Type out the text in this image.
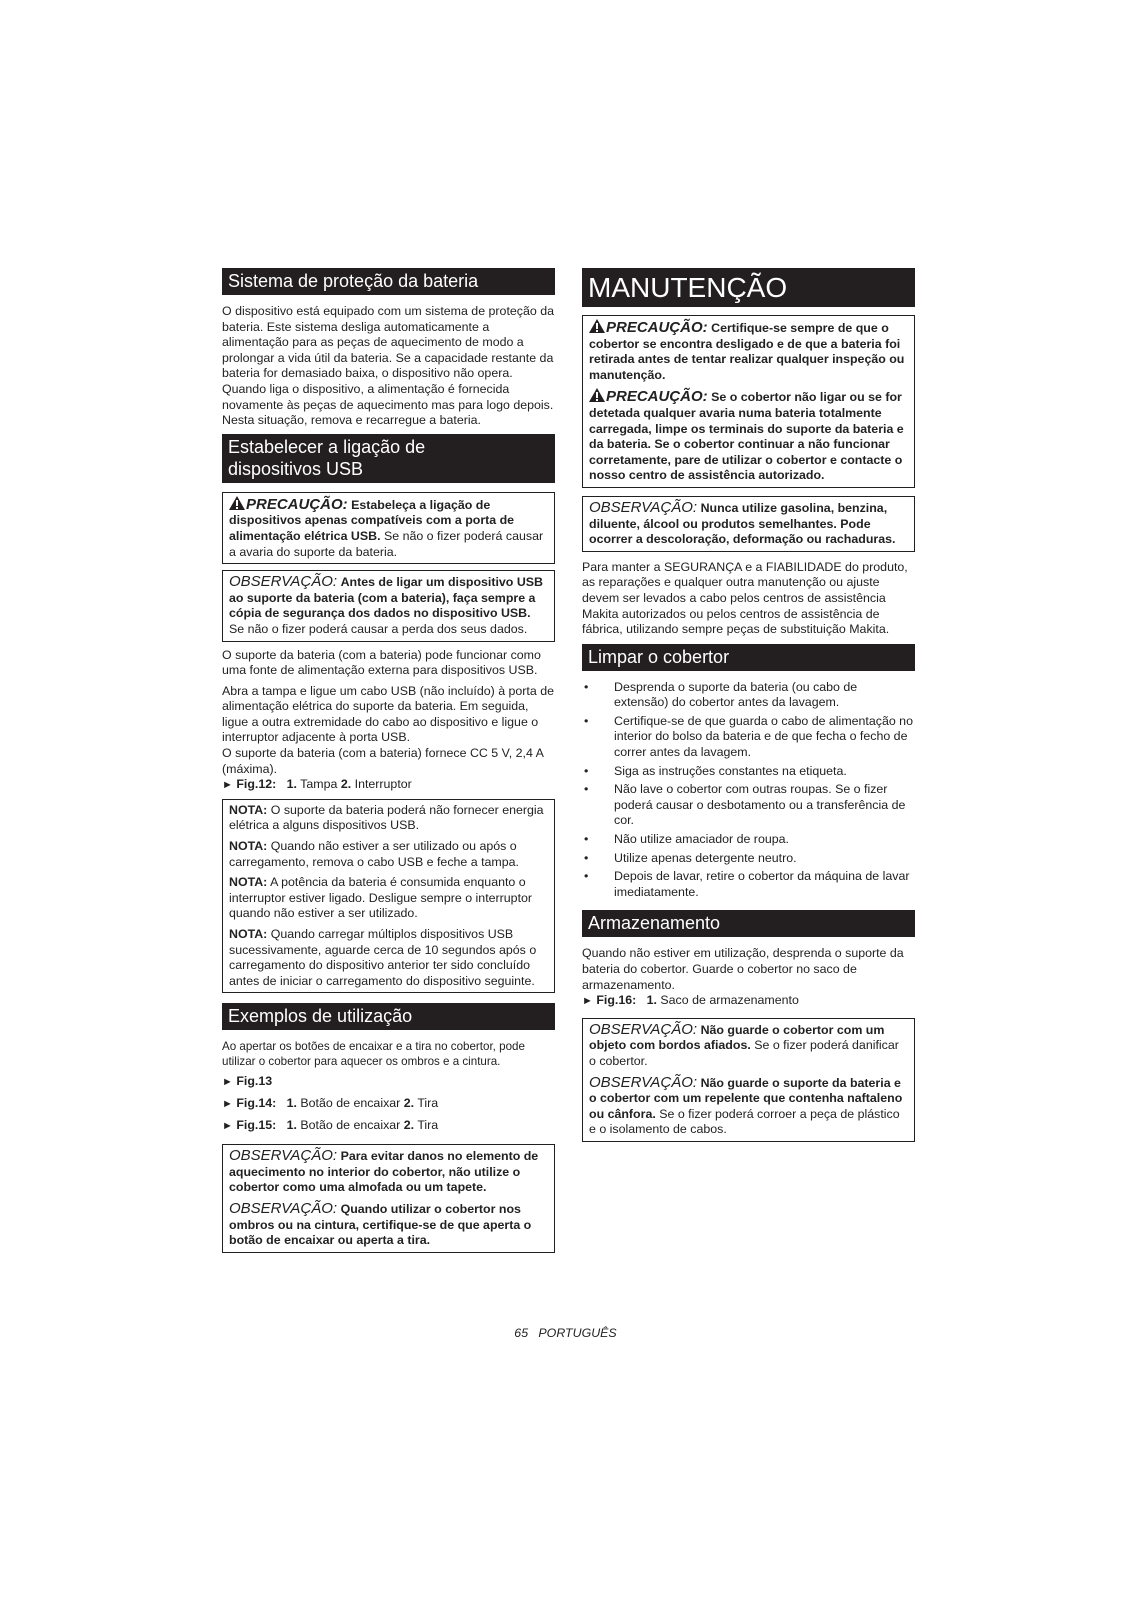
Sistema de proteção da bateria

O dispositivo está equipado com um sistema de proteção da bateria. Este sistema desliga automaticamente a alimentação para as peças de aquecimento de modo a prolongar a vida útil da bateria. Se a capacidade restante da bateria for demasiado baixa, o dispositivo não opera. Quando liga o dispositivo, a alimentação é fornecida novamente às peças de aquecimento mas para logo depois. Nesta situação, remova e recarregue a bateria.

Estabelecer a ligação de
dispositivos USB

PRECAUÇÃO: Estabeleça a ligação de dispositivos apenas compatíveis com a porta de alimentação elétrica USB. Se não o fizer poderá causar a avaria do suporte da bateria.

OBSERVAÇÃO: Antes de ligar um dispositivo USB ao suporte da bateria (com a bateria), faça sempre a cópia de segurança dos dados no dispositivo USB. Se não o fizer poderá causar a perda dos seus dados.

O suporte da bateria (com a bateria) pode funcionar como uma fonte de alimentação externa para dispositivos USB.

Abra a tampa e ligue um cabo USB (não incluído) à porta de alimentação elétrica do suporte da bateria. Em seguida, ligue a outra extremidade do cabo ao dispositivo e ligue o interruptor adjacente à porta USB.

O suporte da bateria (com a bateria) fornece CC 5 V, 2,4 A (máxima).

► Fig.12: 1. Tampa 2. Interruptor

NOTA: O suporte da bateria poderá não fornecer energia elétrica a alguns dispositivos USB.

NOTA: Quando não estiver a ser utilizado ou após o carregamento, remova o cabo USB e feche a tampa.

NOTA: A potência da bateria é consumida enquanto o interruptor estiver ligado. Desligue sempre o interruptor quando não estiver a ser utilizado.

NOTA: Quando carregar múltiplos dispositivos USB sucessivamente, aguarde cerca de 10 segundos após o carregamento do dispositivo anterior ter sido concluído antes de iniciar o carregamento do dispositivo seguinte.

Exemplos de utilização

Ao apertar os botões de encaixar e a tira no cobertor, pode utilizar o cobertor para aquecer os ombros e a cintura.

► Fig.13

► Fig.14: 1. Botão de encaixar 2. Tira

► Fig.15: 1. Botão de encaixar 2. Tira

OBSERVAÇÃO: Para evitar danos no elemento de aquecimento no interior do cobertor, não utilize o cobertor como uma almofada ou um tapete.

OBSERVAÇÃO: Quando utilizar o cobertor nos ombros ou na cintura, certifique-se de que aperta o botão de encaixar ou aperta a tira.

MANUTENÇÃO

PRECAUÇÃO: Certifique-se sempre de que o cobertor se encontra desligado e de que a bateria foi retirada antes de tentar realizar qualquer inspeção ou manutenção.

PRECAUÇÃO: Se o cobertor não ligar ou se for detetada qualquer avaria numa bateria totalmente carregada, limpe os terminais do suporte da bateria e da bateria. Se o cobertor continuar a não funcionar corretamente, pare de utilizar o cobertor e contacte o nosso centro de assistência autorizado.

OBSERVAÇÃO: Nunca utilize gasolina, benzina, diluente, álcool ou produtos semelhantes. Pode ocorrer a descoloração, deformação ou rachaduras.

Para manter a SEGURANÇA e a FIABILIDADE do produto, as reparações e qualquer outra manutenção ou ajuste devem ser levados a cabo pelos centros de assistência Makita autorizados ou pelos centros de assistência de fábrica, utilizando sempre peças de substituição Makita.

Limpar o cobertor
• Desprenda o suporte da bateria (ou cabo de extensão) do cobertor antes da lavagem.
• Certifique-se de que guarda o cabo de alimentação no interior do bolso da bateria e de que fecha o fecho de correr antes da lavagem.
• Siga as instruções constantes na etiqueta.
• Não lave o cobertor com outras roupas. Se o fizer poderá causar o desbotamento ou a transferência de cor.
• Não utilize amaciador de roupa.
• Utilize apenas detergente neutro.
• Depois de lavar, retire o cobertor da máquina de lavar imediatamente.
Armazenamento

Quando não estiver em utilização, desprenda o suporte da bateria do cobertor. Guarde o cobertor no saco de armazenamento.

► Fig.16: 1. Saco de armazenamento

OBSERVAÇÃO: Não guarde o cobertor com um objeto com bordos afiados. Se o fizer poderá danificar o cobertor.

OBSERVAÇÃO: Não guarde o suporte da bateria e o cobertor com um repelente que contenha naftaleno ou cânfora. Se o fizer poderá corroer a peça de plástico e o isolamento de cabos.

65 PORTUGUÊS
